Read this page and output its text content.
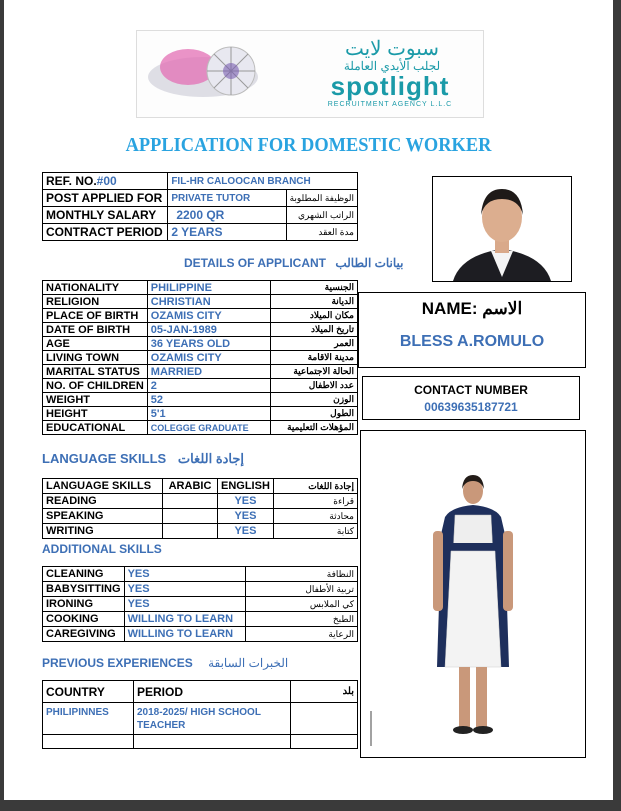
سبوت لايت
لجلب الأيدي العاملة
spotlight
RECRUITMENT AGENCY L.L.C
APPLICATION FOR DOMESTIC WORKER
REF. NO.#00	FIL-HR CALOOCAN BRANCH	
POST APPLIED FOR	PRIVATE TUTOR	الوظيفة المطلوبة
MONTHLY SALARY	2200 QR	الراتب الشهري
CONTRACT PERIOD	2 YEARS	مدة العقد
DETAILS OF APPLICANT بيانات الطالب
NATIONALITY	PHILIPPINE	الجنسية
RELIGION	CHRISTIAN	الديانة
PLACE OF BIRTH	OZAMIS CITY	مكان الميلاد
DATE OF BIRTH	05-JAN-1989	تاريخ الميلاد
AGE	36 YEARS OLD	العمر
LIVING TOWN	OZAMIS CITY	مدينة الاقامة
MARITAL STATUS	MARRIED	الحالة الاجتماعية
NO. OF CHILDREN	2	عدد الاطفال
WEIGHT	52	الوزن
HEIGHT	5'1	الطول
EDUCATIONAL	COLEGGE GRADUATE	المؤهلات التعليمية
NAME: الاسم
BLESS A.ROMULO
CONTACT NUMBER
00639635187721
LANGUAGE SKILLS إجادة اللغات
LANGUAGE SKILLS	ARABIC	ENGLISH	إجادة اللغات
READING		YES	قراءة
SPEAKING		YES	محادثة
WRITING		YES	كتابة
ADDITIONAL SKILLS
CLEANING	YES	النظافة
BABYSITTING	YES	تربية الأطفال
IRONING	YES	كي الملابس
COOKING	WILLING TO LEARN	الطبخ
CAREGIVING	WILLING TO LEARN	الرعاية
PREVIOUS EXPERIENCES الخبرات السابقة
COUNTRY	PERIOD	بلد
PHILIPINNES	2018-2025/ HIGH SCHOOL
TEACHER	
